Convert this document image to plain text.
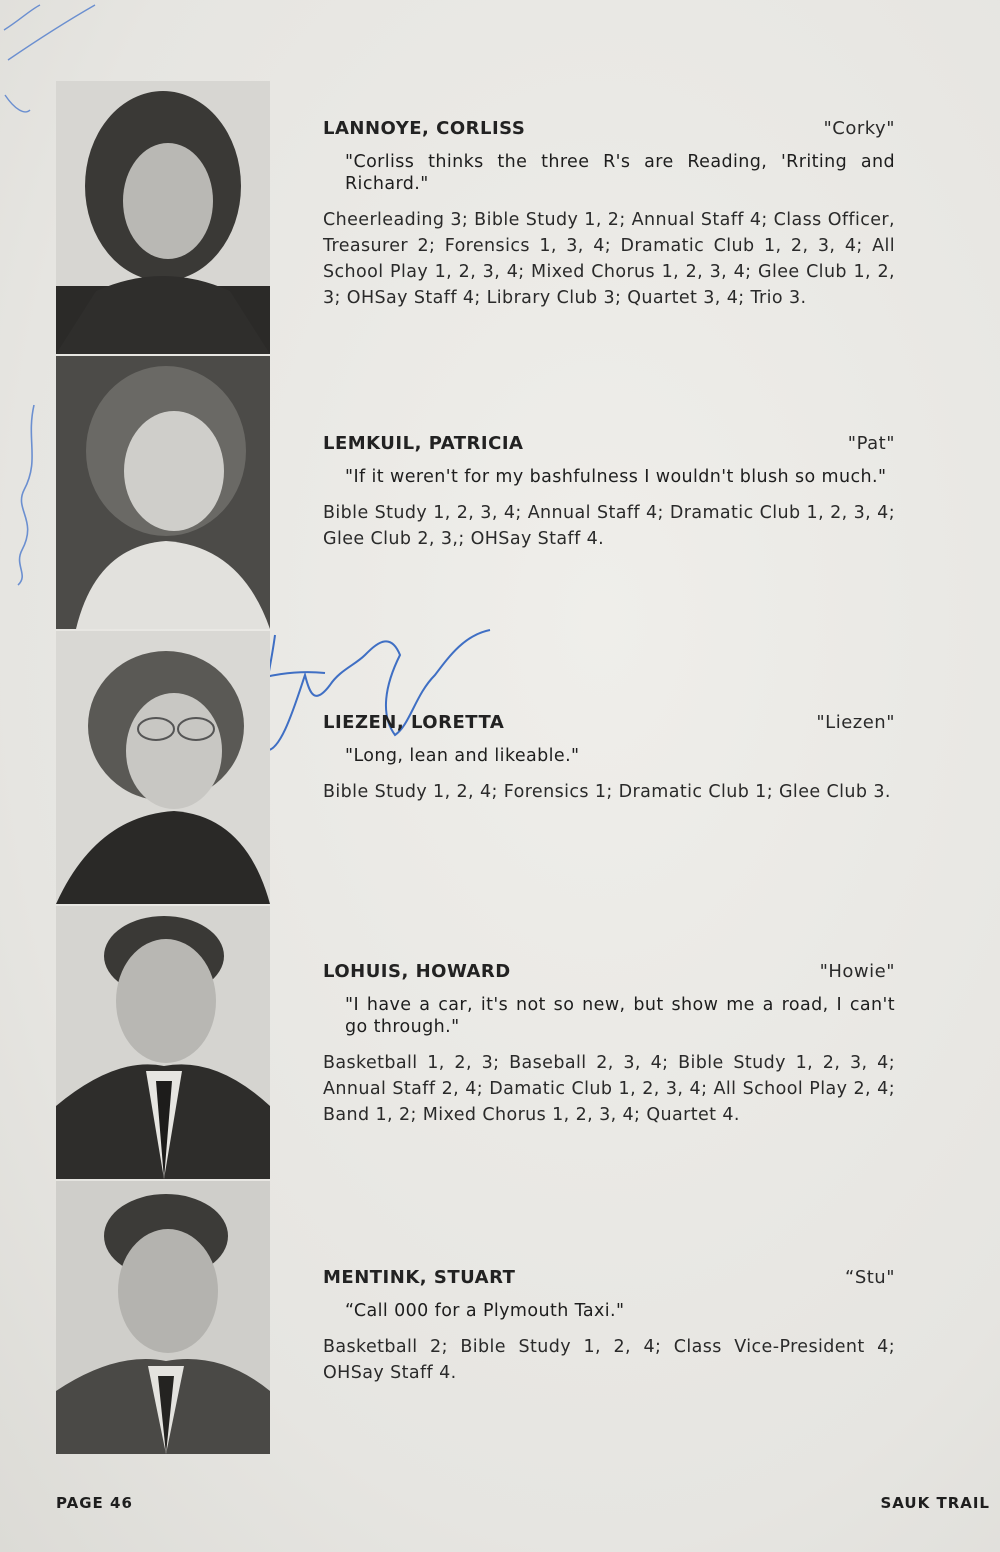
LANNOYE, CORLISS	"Corky"
"Corliss thinks the three R's are Reading, 'Rriting and Richard."
Cheerleading 3; Bible Study 1, 2; Annual Staff 4; Class Officer, Treasurer 2; Forensics 1, 3, 4; Dramatic Club 1, 2, 3, 4; All School Play 1, 2, 3, 4; Mixed Chorus 1, 2, 3, 4; Glee Club 1, 2, 3; OHSay Staff 4; Library Club 3; Quartet 3, 4; Trio 3.
LEMKUIL, PATRICIA	"Pat"
"If it weren't for my bashfulness I wouldn't blush so much."
Bible Study 1, 2, 3, 4; Annual Staff 4; Dramatic Club 1, 2, 3, 4; Glee Club 2, 3,; OHSay Staff 4.
LIEZEN, LORETTA	"Liezen"
"Long, lean and likeable."
Bible Study 1, 2, 4; Forensics 1; Dramatic Club 1; Glee Club 3.
LOHUIS, HOWARD	"Howie"
"I have a car, it's not so new, but show me a road, I can't go through."
Basketball 1, 2, 3; Baseball 2, 3, 4; Bible Study 1, 2, 3, 4; Annual Staff 2, 4; Damatic Club 1, 2, 3, 4; All School Play 2, 4; Band 1, 2; Mixed Chorus 1, 2, 3, 4; Quartet 4.
MENTINK, STUART	“Stu"
“Call 000 for a Plymouth Taxi."
Basketball 2; Bible Study 1, 2, 4; Class Vice-President 4; OHSay Staff 4.
PAGE 46	SAUK TRAIL
